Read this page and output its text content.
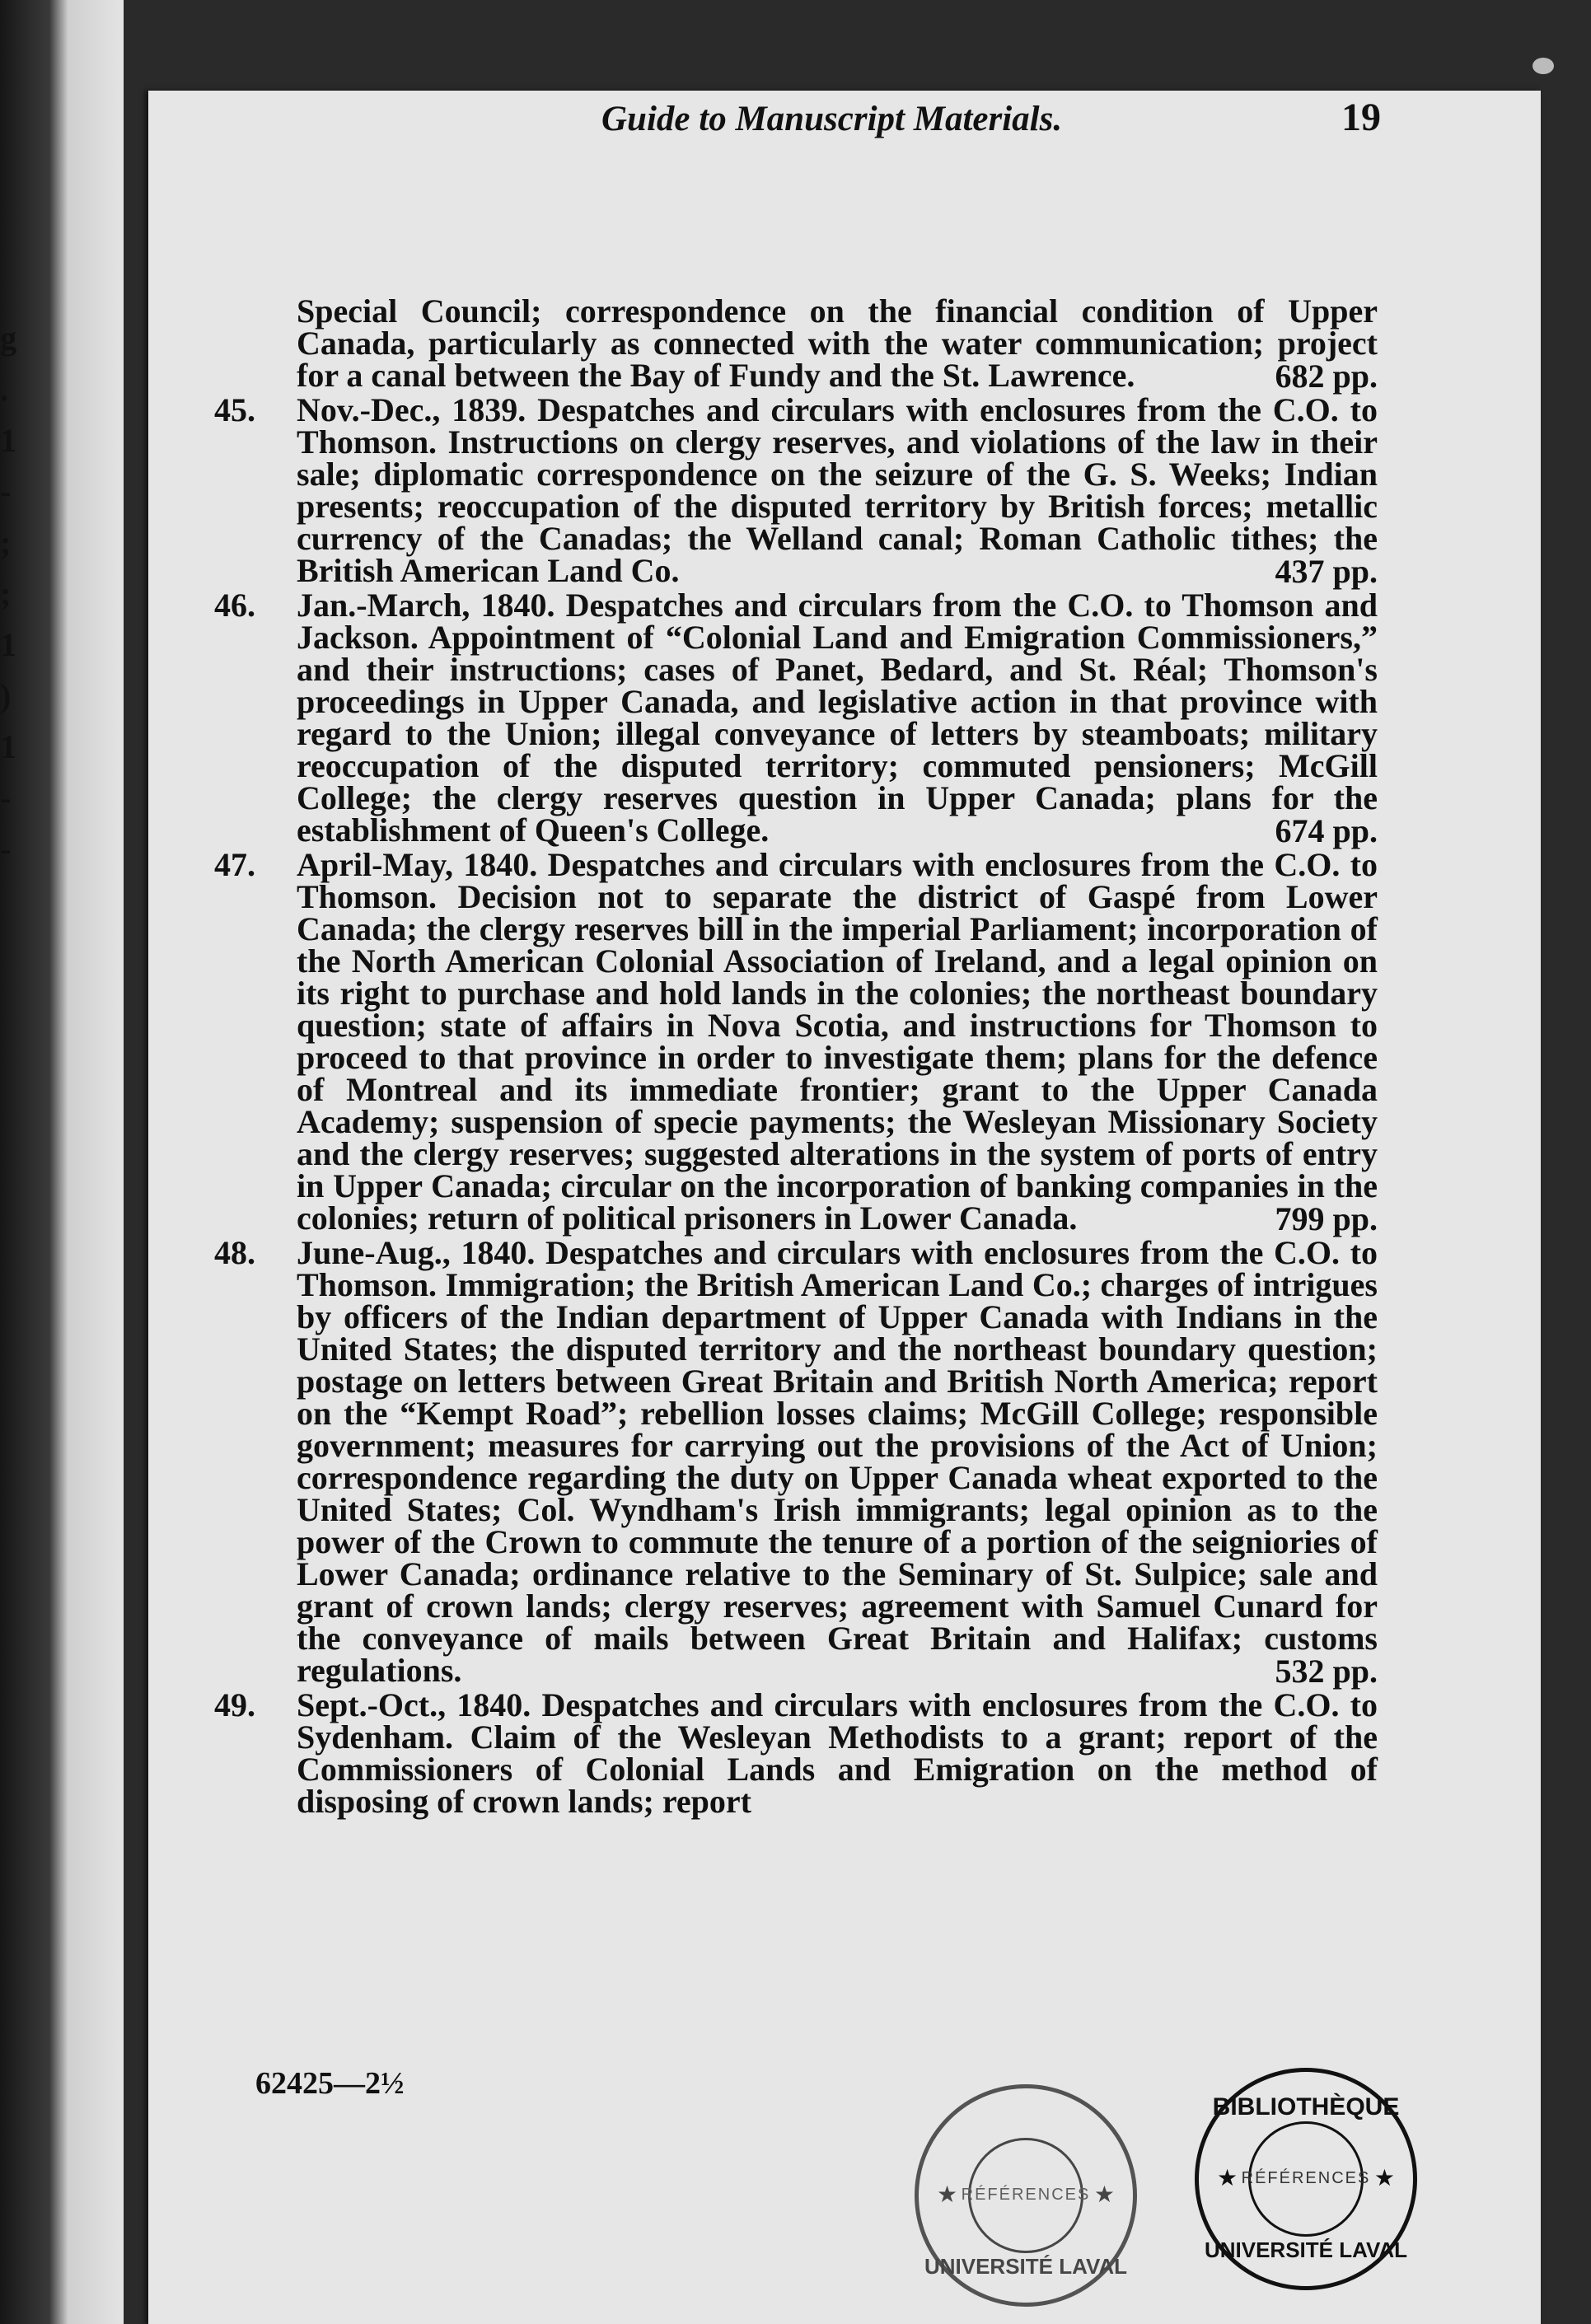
g
.
1
-
;
;
1
)
1
-
-
Guide to Manuscript Materials.	19

Special Council; correspondence on the financial condition of Upper Canada, particularly as connected with the water communication; project for a canal between the Bay of Fundy and the St. Lawrence.	682 pp.
45. Nov.-Dec., 1839. Despatches and circulars with enclosures from the C.O. to Thomson. Instructions on clergy reserves, and violations of the law in their sale; diplomatic correspondence on the seizure of the G. S. Weeks; Indian presents; reoccupation of the disputed territory by British forces; metallic currency of the Canadas; the Welland canal; Roman Catholic tithes; the British American Land Co.	437 pp.
46. Jan.-March, 1840. Despatches and circulars from the C.O. to Thomson and Jackson. Appointment of “Colonial Land and Emigration Commissioners,” and their instructions; cases of Panet, Bedard, and St. Réal; Thomson's proceedings in Upper Canada, and legislative action in that province with regard to the Union; illegal conveyance of letters by steamboats; military reoccupation of the disputed territory; commuted pensioners; McGill College; the clergy reserves question in Upper Canada; plans for the establishment of Queen's College.	674 pp.
47. April-May, 1840. Despatches and circulars with enclosures from the C.O. to Thomson. Decision not to separate the district of Gaspé from Lower Canada; the clergy reserves bill in the imperial Parliament; incorporation of the North American Colonial Association of Ireland, and a legal opinion on its right to purchase and hold lands in the colonies; the northeast boundary question; state of affairs in Nova Scotia, and instructions for Thomson to proceed to that province in order to investigate them; plans for the defence of Montreal and its immediate frontier; grant to the Upper Canada Academy; suspension of specie payments; the Wesleyan Missionary Society and the clergy reserves; suggested alterations in the system of ports of entry in Upper Canada; circular on the incorporation of banking companies in the colonies; return of political prisoners in Lower Canada.	799 pp.
48. June-Aug., 1840. Despatches and circulars with enclosures from the C.O. to Thomson. Immigration; the British American Land Co.; charges of intrigues by officers of the Indian department of Upper Canada with Indians in the United States; the disputed territory and the northeast boundary question; postage on letters between Great Britain and British North America; report on the “Kempt Road”; rebellion losses claims; McGill College; responsible government; measures for carrying out the provisions of the Act of Union; correspondence regarding the duty on Upper Canada wheat exported to the United States; Col. Wyndham's Irish immigrants; legal opinion as to the power of the Crown to commute the tenure of a portion of the seigniories of Lower Canada; ordinance relative to the Seminary of St. Sulpice; sale and grant of crown lands; clergy reserves; agreement with Samuel Cunard for the conveyance of mails between Great Britain and Halifax; customs regulations.	532 pp.
49. Sept.-Oct., 1840. Despatches and circulars with enclosures from the C.O. to Sydenham. Claim of the Wesleyan Methodists to a grant; report of the Commissioners of Colonial Lands and Emigration on the method of disposing of crown lands; report

62425—2½
★	★
RÉFÉRENCES
UNIVERSITÉ LAVAL
★	★
BIBLIOTHÈQUE
RÉFÉRENCES
UNIVERSITÉ LAVAL
